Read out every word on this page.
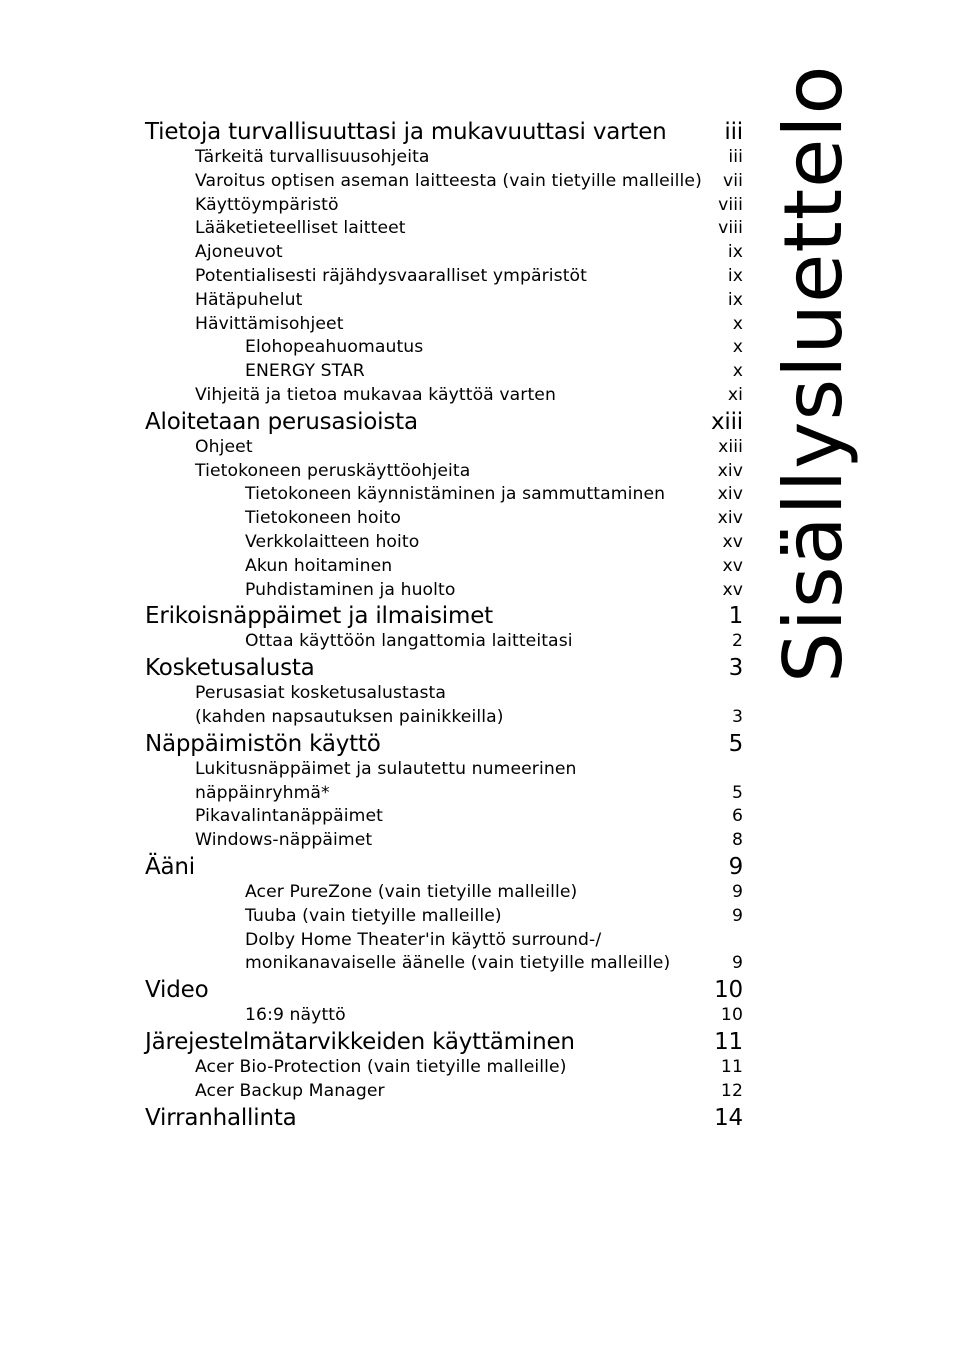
Tietoja turvallisuuttasi ja mukavuuttasi varten	iii
Tärkeitä turvallisuusohjeita	iii
Varoitus optisen aseman laitteesta (vain tietyille malleille) vii
Käyttöympäristö	viii
Lääketieteelliset laitteet	viii
Ajoneuvot	ix
Potentialisesti räjähdysvaaralliset ympäristöt	ix
Hätäpuhelut	ix
Hävittämisohjeet	x
Elohopeahuomautus	x
ENERGY STAR	x
Vihjeitä ja tietoa mukavaa käyttöä varten	xi
Aloitetaan perusasioista	xiii
Ohjeet	xiii
Tietokoneen peruskäyttöohjeita	xiv
Tietokoneen käynnistäminen ja sammuttaminen	xiv
Tietokoneen hoito	xiv
Verkkolaitteen hoito	xv
Akun hoitaminen	xv
Puhdistaminen ja huolto	xv
Erikoisnäppäimet ja ilmaisimet	1
Ottaa käyttöön langattomia laitteitasi	2
Kosketusalusta	3
Perusasiat kosketusalustasta
(kahden napsautuksen painikkeilla)	3
Näppäimistön käyttö	5
Lukitusnäppäimet ja sulautettu numeerinen
näppäinryhmä*	5
Pikavalintanäppäimet	6
Windows-näppäimet	8
Ääni	9
Acer PureZone (vain tietyille malleille)	9
Tuuba (vain tietyille malleille)	9
Dolby Home Theater'in käyttö surround-/
monikanavaiselle äänelle (vain tietyille malleille)	9
Video	10
16:9 näyttö	10
Järejestelmätarvikkeiden käyttäminen	11
Acer Bio-Protection (vain tietyille malleille)	11
Acer Backup Manager	12
Virranhallinta	14
Sisällysluettelo
